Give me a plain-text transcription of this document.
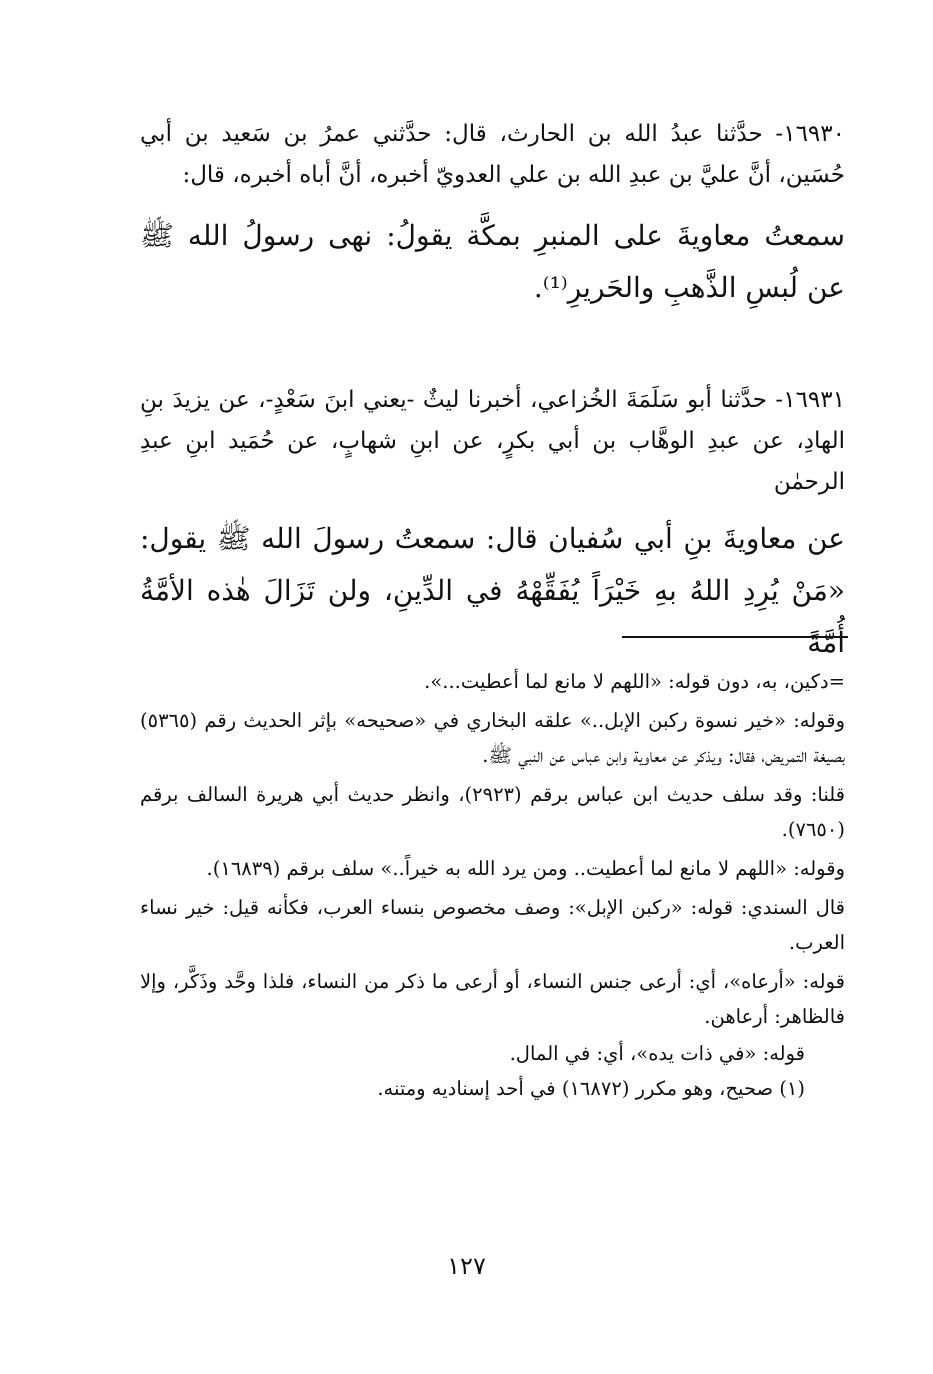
١٦٩٣٠- حدَّثنا عبدُ الله بن الحارث، قال: حدَّثني عمرُ بن سَعيد بن أبي حُسَين، أنَّ عليَّ بن عبدِ الله بن علي العدويّ أخبره، أنَّ أباه أخبره، قال:

سمعتُ معاويةَ على المنبرِ بمكَّة يقولُ: نهى رسولُ الله ﷺ عن لُبسِ الذَّهبِ والحَريرِ⁽¹⁾.

١٦٩٣١- حدَّثنا أبو سَلَمَةَ الخُزاعي، أخبرنا ليثٌ -يعني ابنَ سَعْدٍ-، عن يزيدَ بنِ الهادِ، عن عبدِ الوهَّاب بن أبي بكرٍ، عن ابنِ شهابٍ، عن حُمَيد ابنِ عبدِ الرحمٰن

عن معاويةَ بنِ أبي سُفيان قال: سمعتُ رسولَ الله ﷺ يقول: «مَنْ يُرِدِ اللهُ بهِ خَيْرَاً يُفَقِّهْهُ في الدِّينِ، ولن تَزَالَ هٰذه الأمَّةُ أُمَّةً

=دكين، به، دون قوله: «اللهم لا مانع لما أعطيت...».

وقوله: «خير نسوة ركبن الإبل..» علقه البخاري في «صحيحه» بإثر الحديث رقم (٥٣٦٥) بصيغة التمريض، فقال: ويذكر عن معاوية وابن عباس عن النبي ﷺ.

قلنا: وقد سلف حديث ابن عباس برقم (٢٩٢٣)، وانظر حديث أبي هريرة السالف برقم (٧٦٥٠).

وقوله: «اللهم لا مانع لما أعطيت.. ومن يرد الله به خيراً..» سلف برقم (١٦٨٣٩).

قال السندي: قوله: «ركبن الإبل»: وصف مخصوص بنساء العرب، فكأنه قيل: خير نساء العرب.

قوله: «أرعاه»، أي: أرعى جنس النساء، أو أرعى ما ذكر من النساء، فلذا وحَّد وذَكَّر، وإلا فالظاهر: أرعاهن.

قوله: «في ذات يده»، أي: في المال.

(١) صحيح، وهو مكرر (١٦٨٧٢) في أحد إسناديه ومتنه.

١٢٧
